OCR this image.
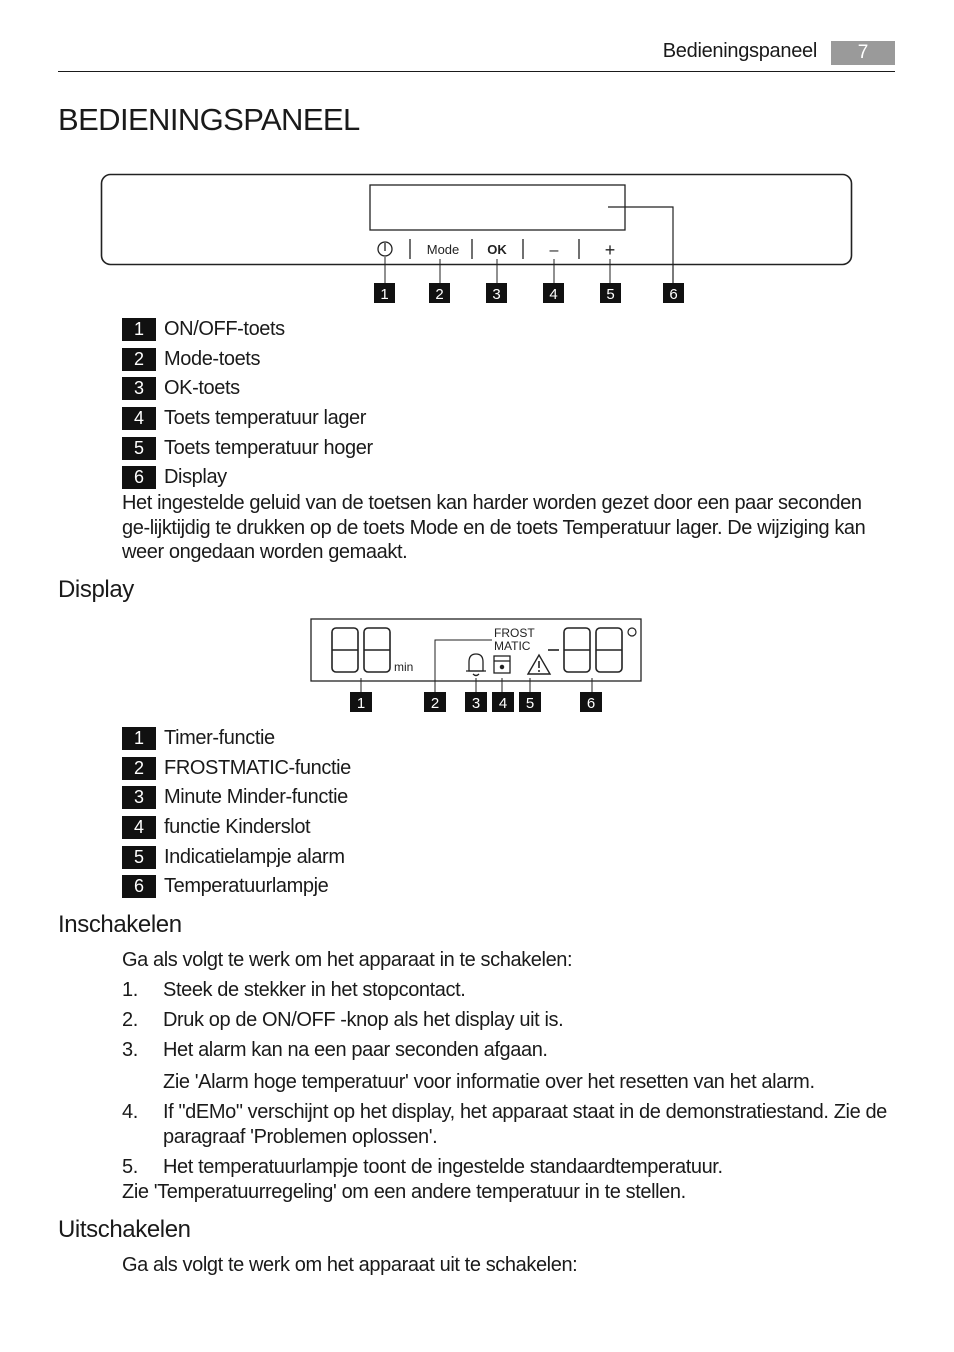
Bedieningspaneel	7
BEDIENINGSPANEEL
Mode OK	–	+
1	2	3	4	5	6
1	ON/OFF-toets
2	Mode-toets
3	OK-toets
4	Toets temperatuur lager
5	Toets temperatuur hoger
6	Display
Het ingestelde geluid van de toetsen kan harder worden gezet door een paar seconden ge-lijktijdig te drukken op de toets Mode en de toets Temperatuur lager. De wijziging kan weer ongedaan worden gemaakt.
Display
min
FROST
MATIC
1	2 3 4 5	6
1	Timer-functie
2	FROSTMATIC-functie
3	Minute Minder-functie
4	functie Kinderslot
5	Indicatielampje alarm
6	Temperatuurlampje
Inschakelen
Ga als volgt te werk om het apparaat in te schakelen:
1.	Steek de stekker in het stopcontact.
2.	Druk op de ON/OFF -knop als het display uit is.
3.	Het alarm kan na een paar seconden afgaan.
Zie 'Alarm hoge temperatuur' voor informatie over het resetten van het alarm.
4.	If "dEMo" verschijnt op het display, het apparaat staat in de demonstratiestand. Zie de paragraaf 'Problemen oplossen'.
5.	Het temperatuurlampje toont de ingestelde standaardtemperatuur.
Zie 'Temperatuurregeling' om een andere temperatuur in te stellen.
Uitschakelen
Ga als volgt te werk om het apparaat uit te schakelen:
